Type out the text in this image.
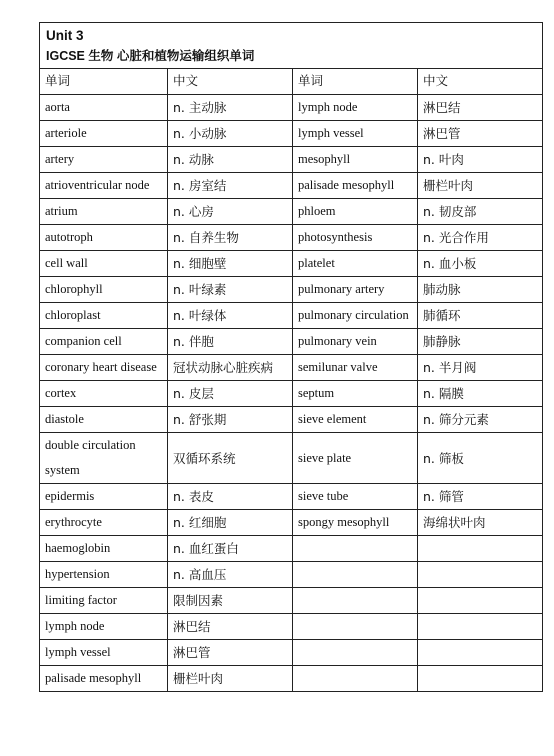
Unit 3
IGCSE 生物 心脏和植物运输组织单词			

单词	中文	单词	中文
aorta	n. 主动脉	lymph node	淋巴结
arteriole	n. 小动脉	lymph vessel	淋巴管
artery	n. 动脉	mesophyll	n. 叶肉
atrioventricular node	n. 房室结	palisade mesophyll	栅栏叶肉
atrium	n. 心房	phloem	n. 韧皮部
autotroph	n. 自养生物	photosynthesis	n. 光合作用
cell wall	n. 细胞壁	platelet	n. 血小板
chlorophyll	n. 叶绿素	pulmonary artery	肺动脉
chloroplast	n. 叶绿体	pulmonary circulation	肺循环
companion cell	n. 伴胞	pulmonary vein	肺静脉
coronary heart disease	冠状动脉心脏疾病	semilunar valve	n. 半月阀
cortex	n. 皮层	septum	n. 隔膜
diastole	n. 舒张期	sieve element	n. 筛分元素
double circulation system	双循环系统	sieve plate	n. 筛板
epidermis	n. 表皮	sieve tube	n. 筛管
erythrocyte	n. 红细胞	spongy mesophyll	海绵状叶肉
haemoglobin	n. 血红蛋白		
hypertension	n. 高血压		
limiting factor	限制因素		
lymph node	淋巴结		
lymph vessel	淋巴管		
palisade mesophyll	栅栏叶肉		
